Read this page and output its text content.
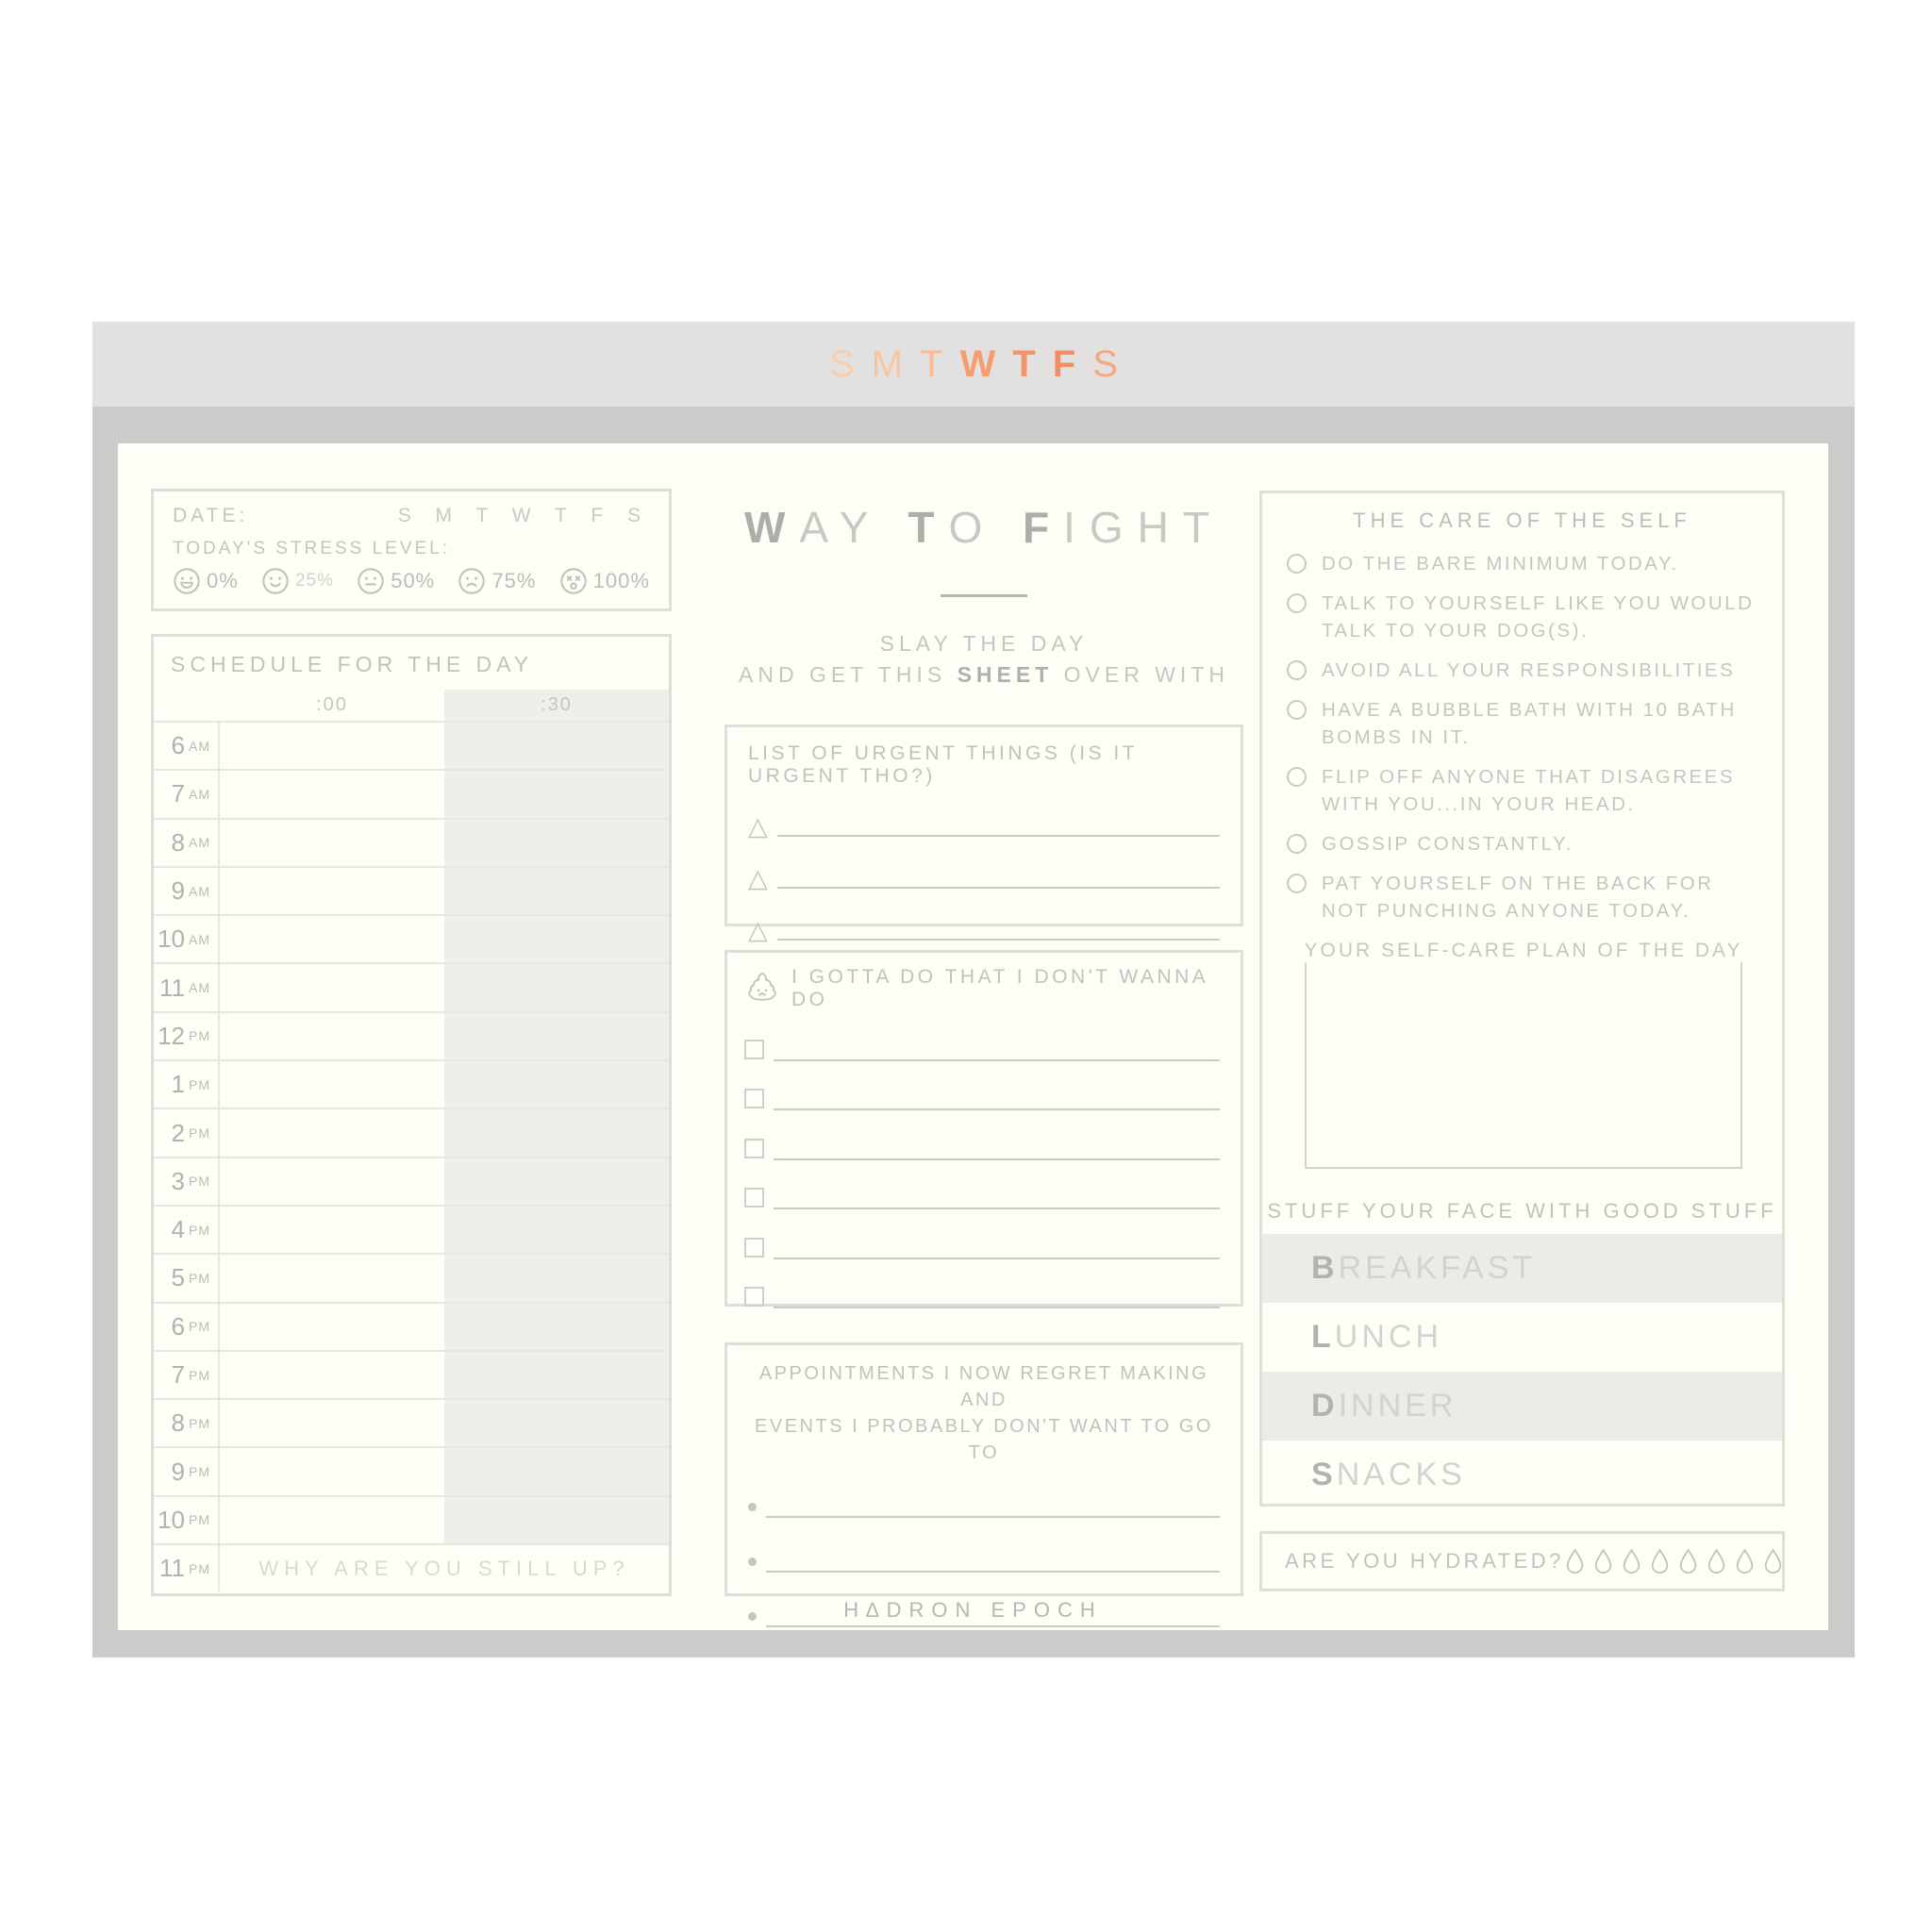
S M T W T F S
DATE:	S M T W T F S
TODAY'S STRESS LEVEL:
0%	25%	50%	75%	100%
SCHEDULE FOR THE DAY
:00	:30
6 AM
7 AM
8 AM
9 AM
10 AM
11 AM
12 PM
1 PM
2 PM
3 PM
4 PM
5 PM
6 PM
7 PM
8 PM
9 PM
10 PM
11 PM	WHY ARE YOU STILL UP?
WAY TO FIGHT
SLAY THE DAY
AND GET THIS SHEET OVER WITH
LIST OF URGENT THINGS (IS IT URGENT THO?)
△
△
△
I GOTTA DO THAT I DON'T WANNA DO
APPOINTMENTS I NOW REGRET MAKING AND
EVENTS I PROBABLY DON'T WANT TO GO TO
THE CARE OF THE SELF
DO THE BARE MINIMUM TODAY.
TALK TO YOURSELF LIKE YOU WOULD TALK TO YOUR DOG(S).
AVOID ALL YOUR RESPONSIBILITIES
HAVE A BUBBLE BATH WITH 10 BATH BOMBS IN IT.
FLIP OFF ANYONE THAT DISAGREES WITH YOU...IN YOUR HEAD.
GOSSIP CONSTANTLY.
PAT YOURSELF ON THE BACK FOR NOT PUNCHING ANYONE TODAY.
YOUR SELF-CARE PLAN OF THE DAY
STUFF YOUR FACE WITH GOOD STUFF
B REAKFAST
L UNCH
D INNER
S NACKS
ARE YOU HYDRATED?
H∆DRON EPOCH
